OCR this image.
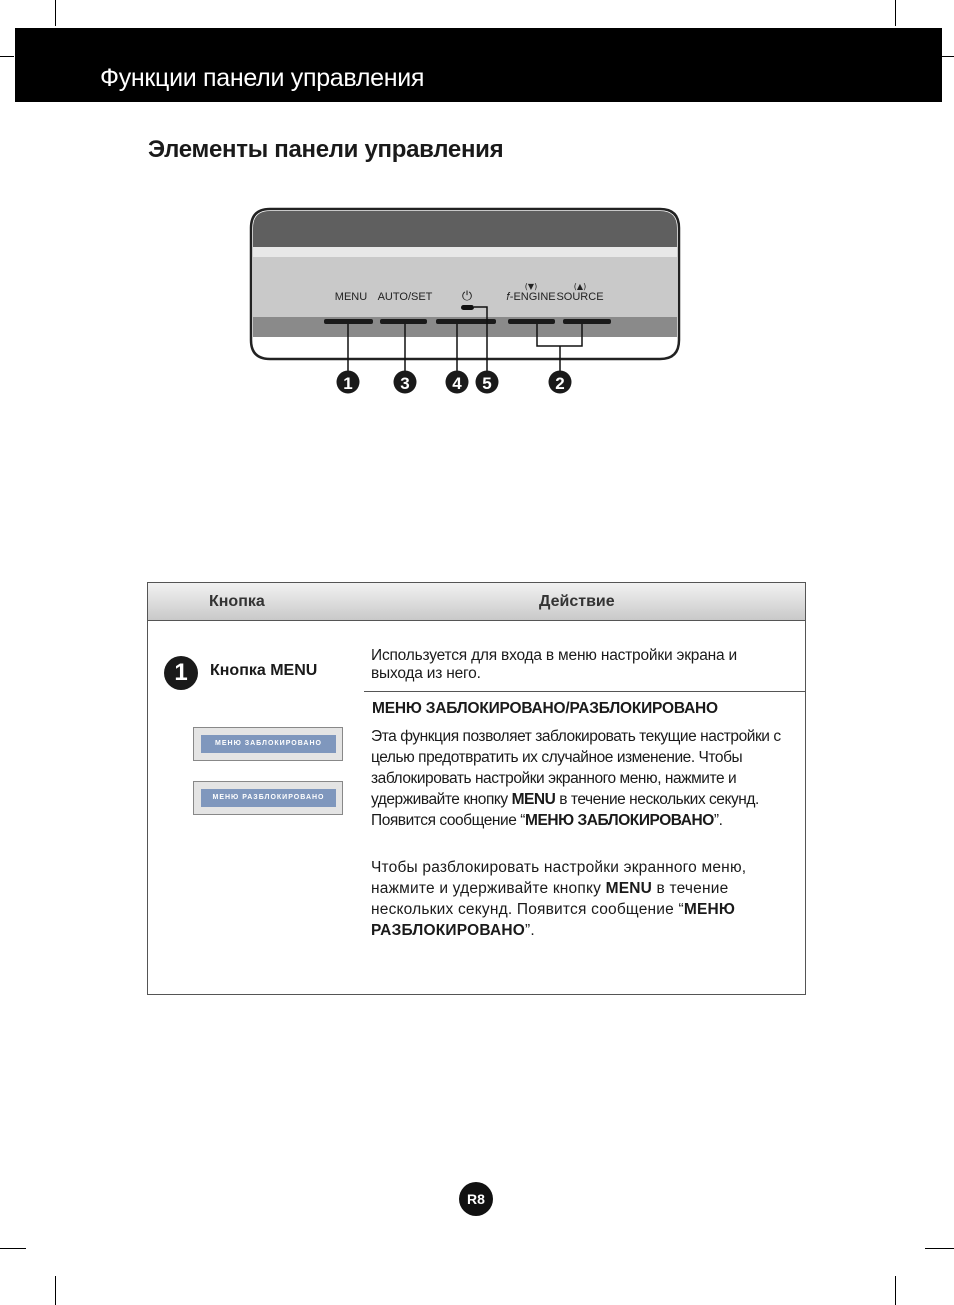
Функции панели управления
Элементы панели управления
MENU AUTO/SET ⏻
(▼)
𝑓-ENGINE
(▲)
SOURCE
1	3	4 5	2
Кнопка	Действие
1	Кнопка MENU
МЕНЮ ЗАБЛОКИРОВАНО
МЕНЮ РАЗБЛОКИРОВАНО
Используется для входа в меню настройки экрана и выхода из него.
МЕНЮ ЗАБЛОКИРОВАНО/РАЗБЛОКИРОВАНО
Эта функция позволяет заблокировать текущие настройки с целью предотвратить их случайное изменение. Чтобы заблокировать настройки экранного меню, нажмите и удерживайте кнопку MENU в течение нескольких секунд. Появится сообщение “МЕНЮ ЗАБЛОКИРОВАНО”.
Чтобы разблокировать настройки экранного меню, нажмите и удерживайте кнопку MENU в течение нескольких секунд. Появится сообщение “МЕНЮ РАЗБЛОКИРОВАНО”.
R8
